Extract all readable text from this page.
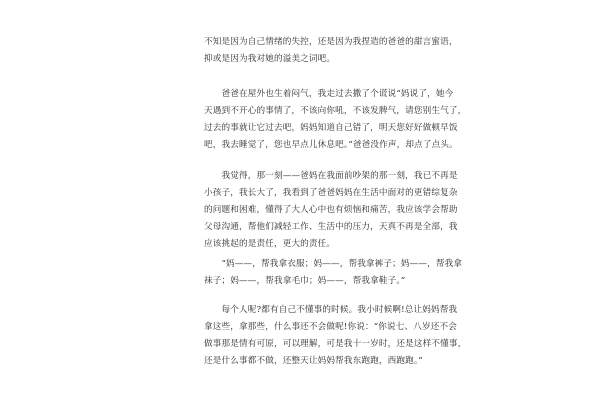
不知是因为自己情绪的失控，还是因为我捏造的爸爸的甜言蜜语，
抑或是因为我对她的溢美之词吧。
　　爸爸在屋外也生着闷气，我走过去撒了个谎说“妈说了，她今
天遇到不开心的事情了，不该向你吼，不该发脾气，请您别生气了，
过去的事就让它过去吧，妈妈知道自己错了，明天您好好做顿早饭
吧，我去睡觉了，您也早点儿休息吧。”爸爸没作声，却点了点头。
　　我觉得，那一刻——爸妈在我面前吵架的那一刻，我已不再是
小孩子，我长大了，我看到了爸爸妈妈在生活中面对的更错综复杂
的问题和困难，懂得了大人心中也有烦恼和痛苦，我应该学会帮助
父母沟通，帮他们减轻工作、生活中的压力，天真不再是全部，我
应该挑起的是责任，更大的责任。
　　“妈——，帮我拿衣服；妈——，帮我拿裤子；妈——，帮我拿
袜子；妈——，帮我拿毛巾；妈——，帮我拿鞋子。”
　　每个人呢?都有自己不懂事的时候。我小时候啊!总让妈妈帮我
拿这些，拿那些，什么事还不会做呢!你说：“你说七、八岁还不会
做事那是情有可原，可以理解，可是我十一岁时，还是这样不懂事，
还是什么事都不做，还整天让妈妈帮我东跑跑，西跑跑。”
